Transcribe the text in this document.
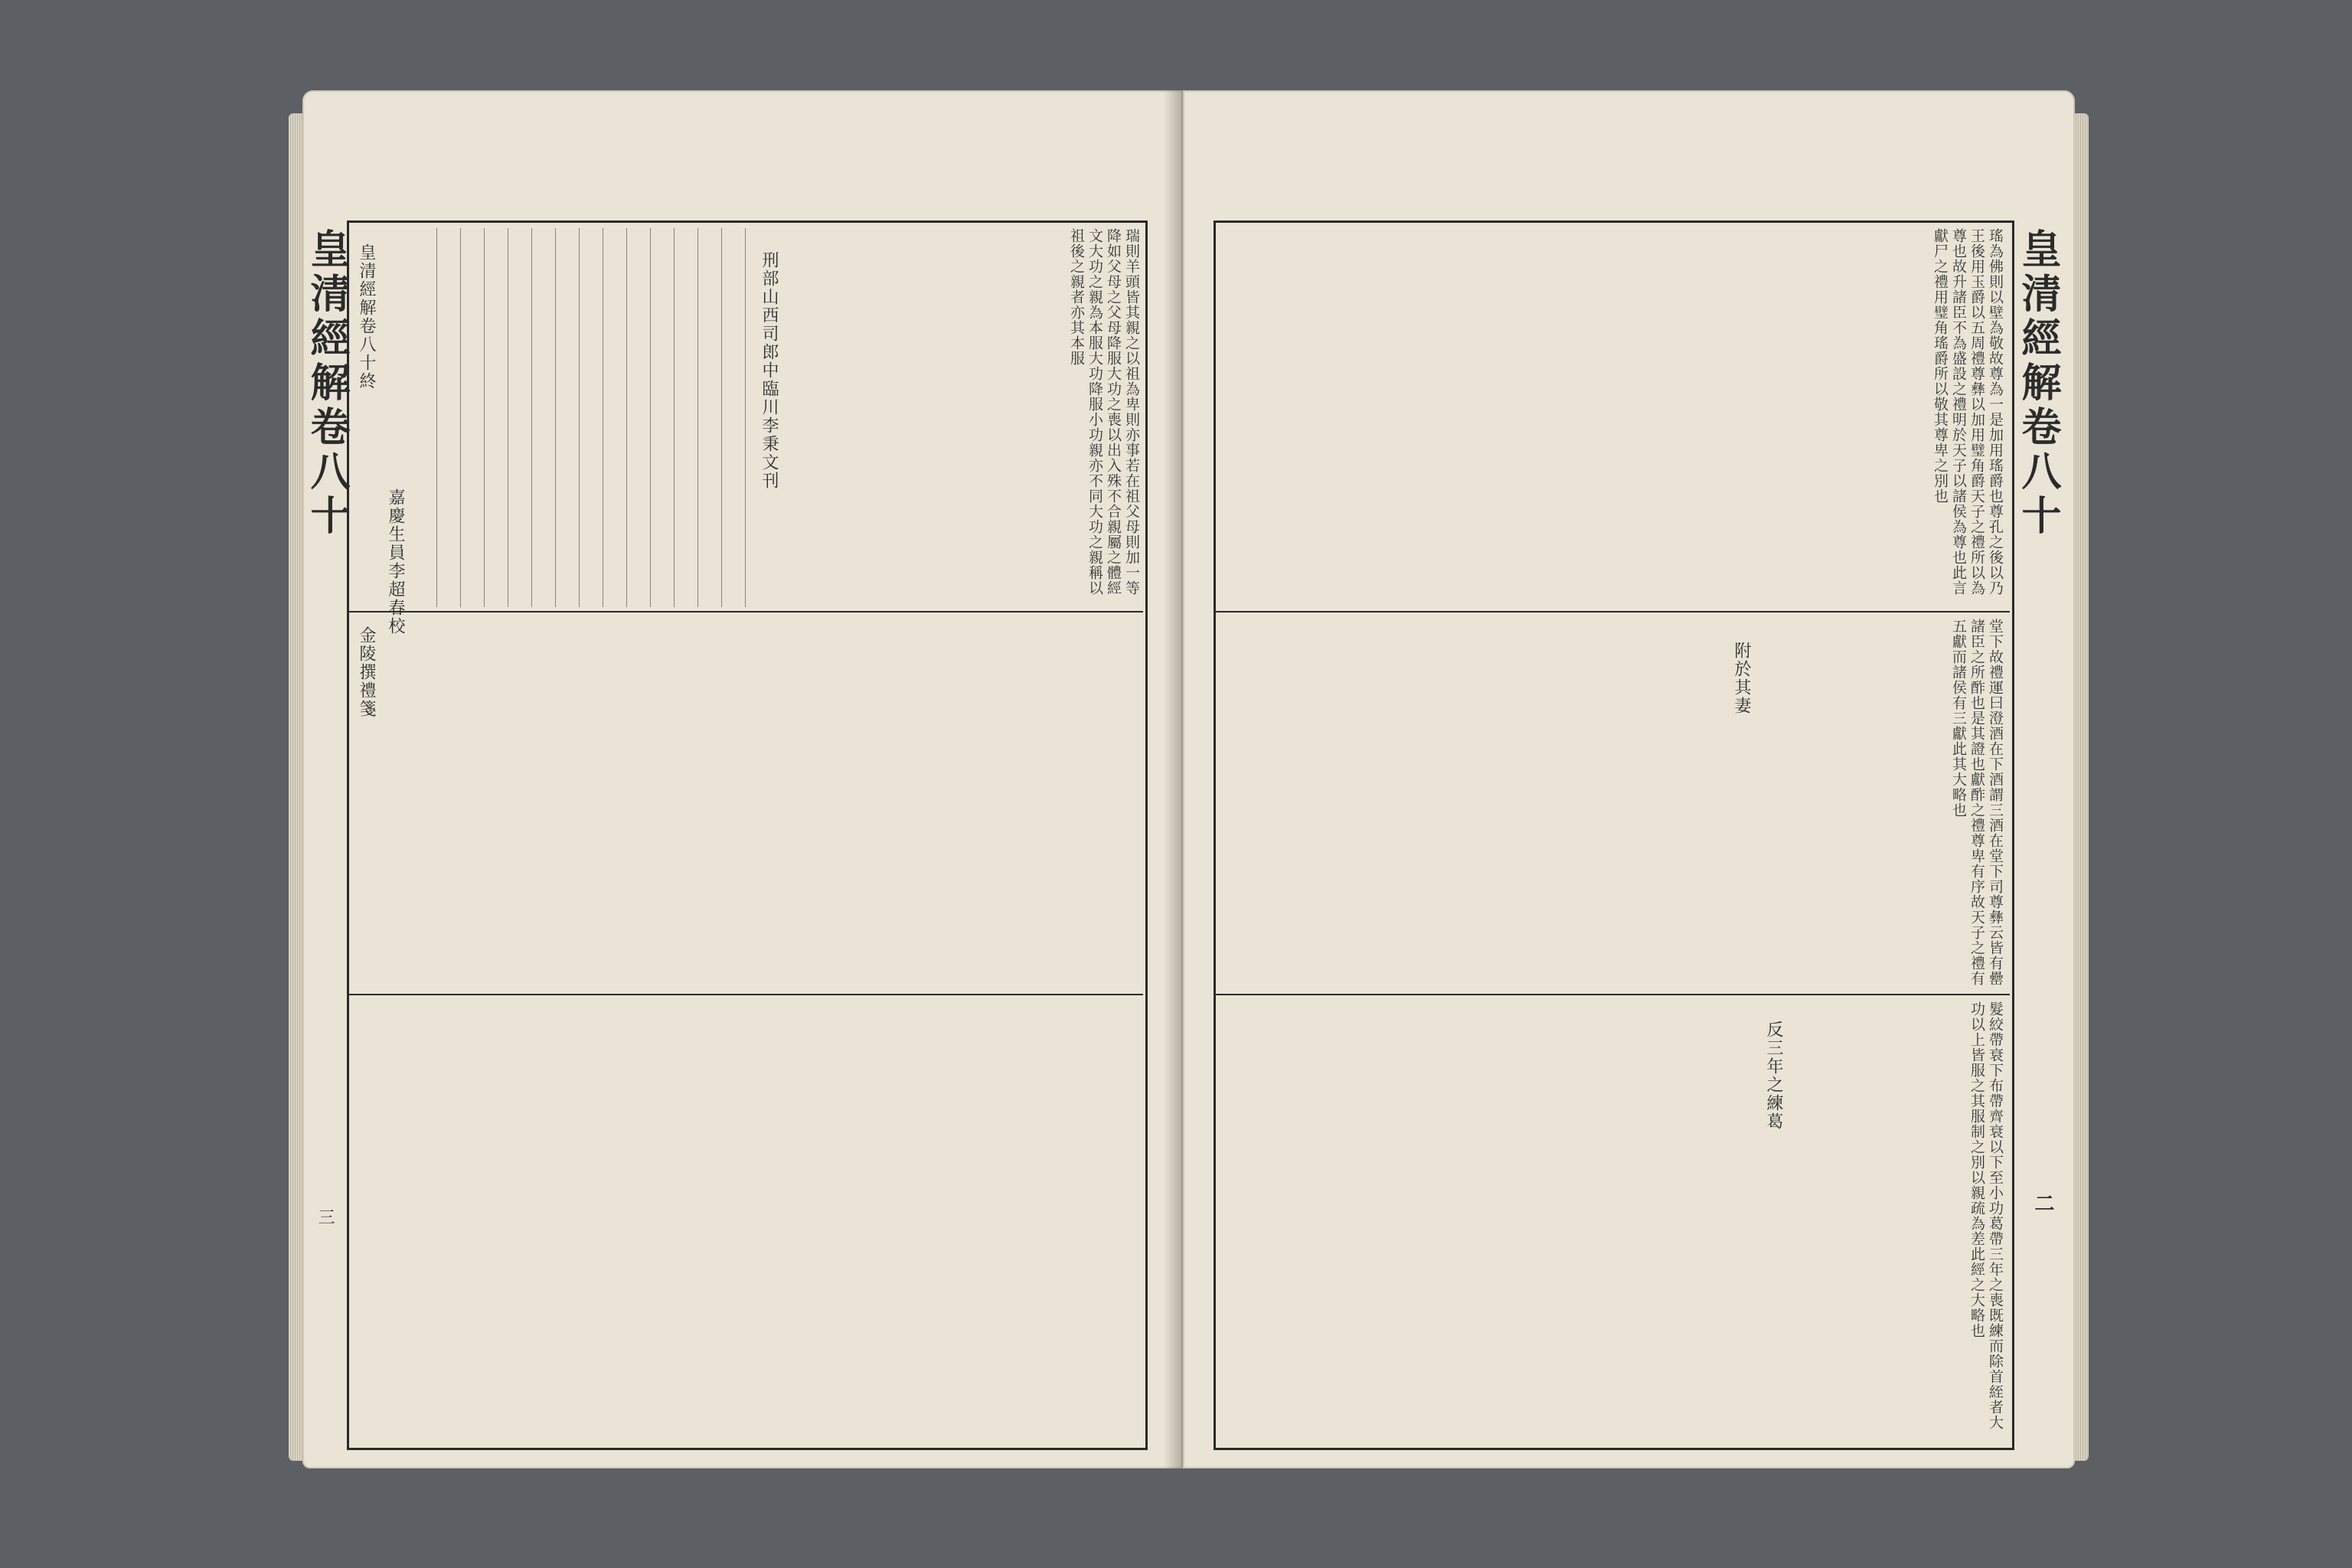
皇清經解卷八十
三
瑞則羊頭皆其親之以祖為卑則亦事若在祖父母則加一等降如父母之父母降服大功之喪以出入殊不合親屬之體經文大功之親為本服大功降服小功親亦不同大功之親稱以祖後之親者亦其本服
刑部山西司郎中臨川李秉文刊
皇清經解卷八十終
嘉慶生員李超春校
金陵撰禮箋
皇清經解卷八十
二
瑤為佛則以壁為敬故尊為一是加用瑤爵也尊孔之後以乃王後用玉爵以五周禮尊彝以加用璧角爵天子之禮所以為尊也故升諸臣不為盛設之禮明於天子以諸侯為尊也此言獻尸之禮用璧角瑤爵所以敬其尊卑之別也
堂下故禮運曰澄酒在下酒謂三酒在堂下司尊彝云皆有罍諸臣之所酢也是其證也獻酢之禮尊卑有序故天子之禮有五獻而諸侯有三獻此其大略也
髮絞帶衰下布帶齊衰以下至小功葛帶三年之喪既練而除首絰者大功以上皆服之其服制之別以親疏為差此經之大略也
反三年之練葛
附於其妻
